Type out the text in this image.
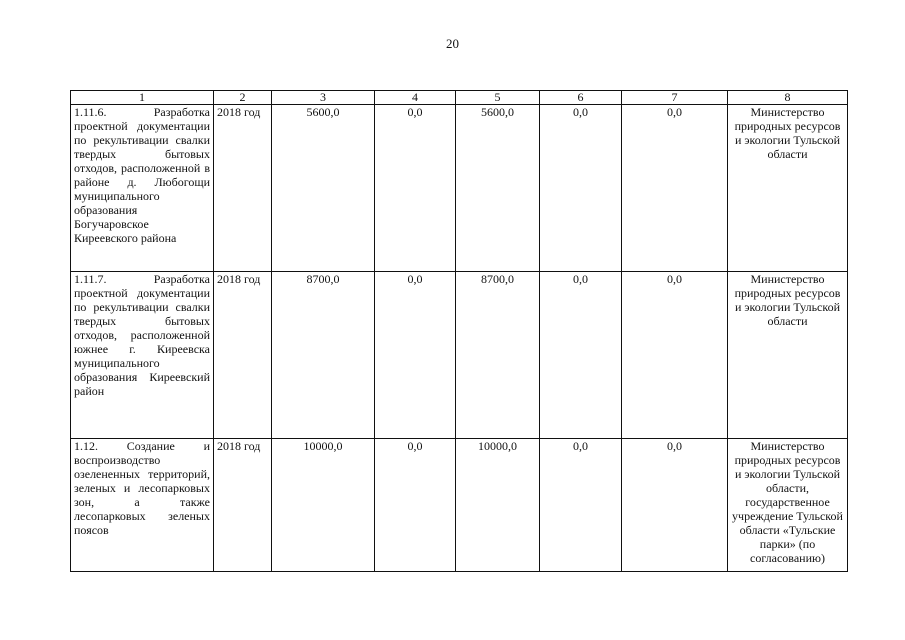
20
1	2	3	4	5	6	7	8
1.11.6. Разработка проектной документации по рекультивации свалки твердых бытовых отходов, расположенной в районе д. Любогощи муниципального образования Богучаровское Киреевского района	2018 год	5600,0	0,0	5600,0	0,0	0,0	Министерство природных ресурсов и экологии Тульской области
1.11.7. Разработка проектной документации по рекультивации свалки твердых бытовых отходов, расположенной южнее г. Киреевска муниципального образования Киреевский район	2018 год	8700,0	0,0	8700,0	0,0	0,0	Министерство природных ресурсов и экологии Тульской области
1.12. Создание и воспроизводство озелененных территорий, зеленых и лесопарковых зон, а также лесопарковых зеленых поясов	2018 год	10000,0	0,0	10000,0	0,0	0,0	Министерство природных ресурсов и экологии Тульской области, государственное учреждение Тульской области «Тульские парки» (по согласованию)
